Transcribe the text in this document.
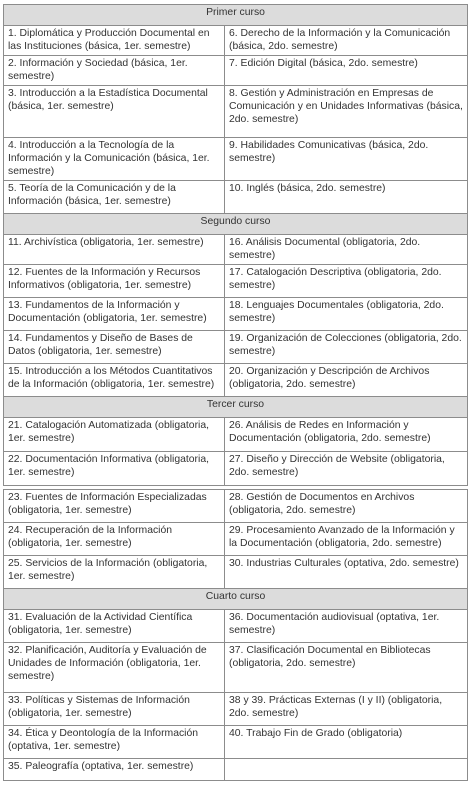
Primer curso	
1. Diplomática y Producción Documental en las Instituciones (básica, 1er. semestre)	6. Derecho de la Información y la Comunicación (básica, 2do. semestre)
2. Información y Sociedad (básica, 1er. semestre)	7. Edición Digital (básica, 2do. semestre)
3. Introducción a la Estadística Documental (básica, 1er. semestre)	8. Gestión y Administración en Empresas de Comunicación y en Unidades Informativas (básica, 2do. semestre)
4. Introducción a la Tecnología de la Información y la Comunicación (básica, 1er. semestre)	9. Habilidades Comunicativas (básica, 2do. semestre)
5. Teoría de la Comunicación y de la Información (básica, 1er. semestre)	10. Inglés (básica, 2do. semestre)
Segundo curso	
11. Archivística (obligatoria, 1er. semestre)	16. Análisis Documental (obligatoria, 2do. semestre)
12. Fuentes de la Información y Recursos Informativos (obligatoria, 1er. semestre)	17. Catalogación Descriptiva (obligatoria, 2do. semestre)
13. Fundamentos de la Información y Documentación (obligatoria, 1er. semestre)	18. Lenguajes Documentales (obligatoria, 2do. semestre)
14. Fundamentos y Diseño de Bases de Datos (obligatoria, 1er. semestre)	19. Organización de Colecciones (obligatoria, 2do. semestre)
15. Introducción a los Métodos Cuantitativos de la Información (obligatoria, 1er. semestre)	20. Organización y Descripción de Archivos (obligatoria, 2do. semestre)
Tercer curso	
21. Catalogación Automatizada (obligatoria, 1er. semestre)	26. Análisis de Redes en Información y Documentación (obligatoria, 2do. semestre)
22. Documentación Informativa (obligatoria, 1er. semestre)	27. Diseño y Dirección de Website (obligatoria, 2do. semestre)

23. Fuentes de Información Especializadas (obligatoria, 1er. semestre)	28. Gestión de Documentos en Archivos (obligatoria, 2do. semestre)
24. Recuperación de la Información (obligatoria, 1er. semestre)	29. Procesamiento Avanzado de la Información y la Documentación (obligatoria, 2do. semestre)
25. Servicios de la Información (obligatoria, 1er. semestre)	30. Industrias Culturales (optativa, 2do. semestre)
Cuarto curso	
31. Evaluación de la Actividad Científica (obligatoria, 1er. semestre)	36. Documentación audiovisual (optativa, 1er. semestre)
32. Planificación, Auditoría y Evaluación de Unidades de Información (obligatoria, 1er. semestre)	37. Clasificación Documental en Bibliotecas (obligatoria, 2do. semestre)
33. Políticas y Sistemas de Información (obligatoria, 1er. semestre)	38 y 39. Prácticas Externas (I y II) (obligatoria, 2do. semestre)
34. Ética y Deontología de la Información (optativa, 1er. semestre)	40. Trabajo Fin de Grado (obligatoria)
35. Paleografía (optativa, 1er. semestre)	
